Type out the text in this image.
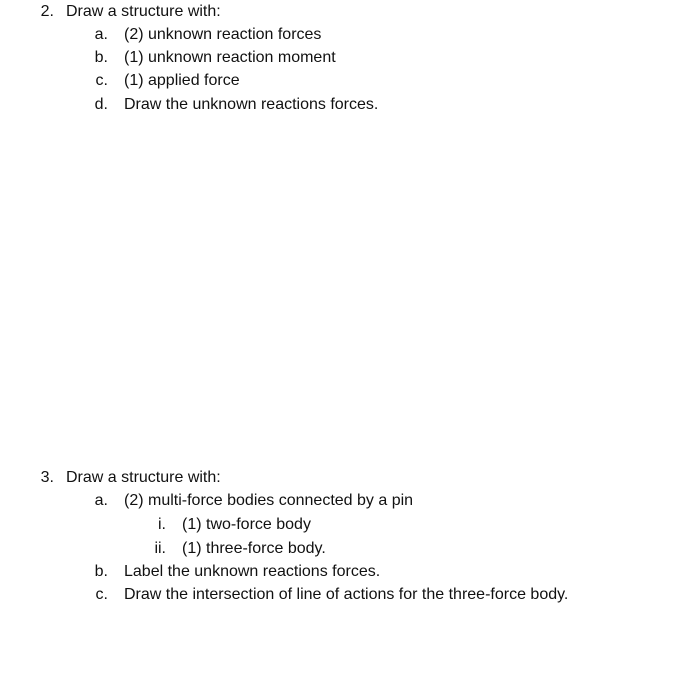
2. Draw a structure with:
a. (2) unknown reaction forces
b. (1) unknown reaction moment
c. (1) applied force
d. Draw the unknown reactions forces.
3. Draw a structure with:
a. (2) multi-force bodies connected by a pin
i. (1) two-force body
ii. (1) three-force body.
b. Label the unknown reactions forces.
c. Draw the intersection of line of actions for the three-force body.
